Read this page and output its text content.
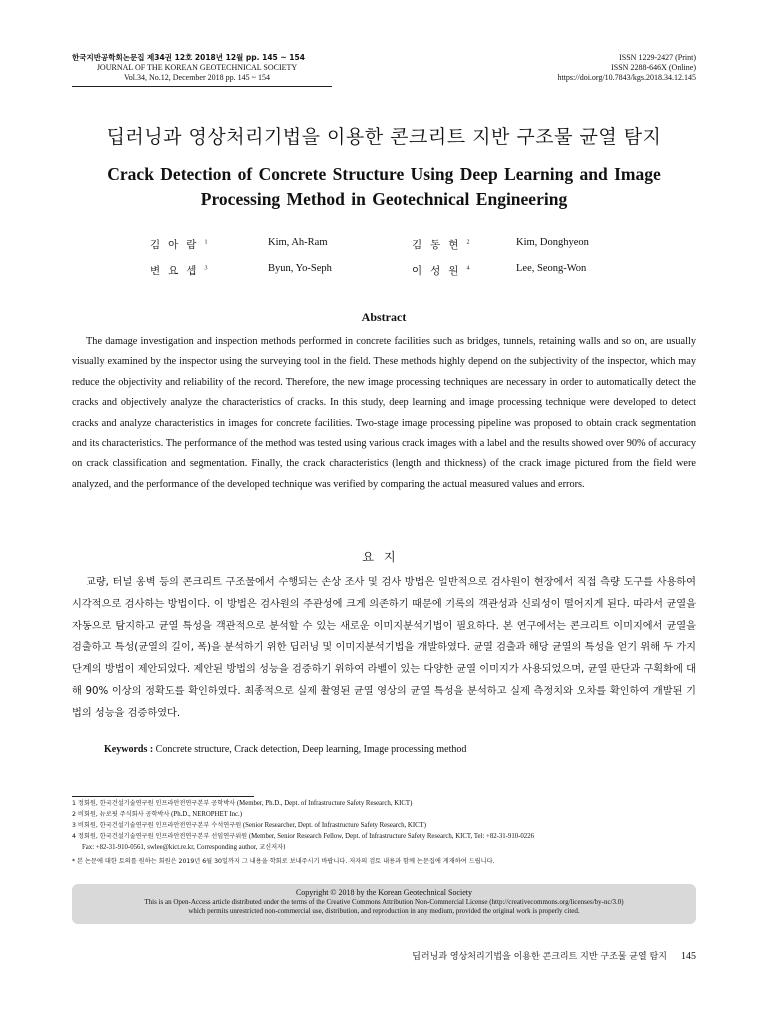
한국지반공학회논문집 제34권 12호 2018년 12월 pp. 145 ~ 154
JOURNAL OF THE KOREAN GEOTECHNICAL SOCIETY
Vol.34, No.12, December 2018 pp. 145 ~ 154
ISSN 1229-2427 (Print)
ISSN 2288-646X (Online)
https://doi.org/10.7843/kgs.2018.34.12.145
딥러닝과 영상처리기법을 이용한 콘크리트 지반 구조물 균열 탐지
Crack Detection of Concrete Structure Using Deep Learning and Image Processing Method in Geotechnical Engineering
김아람$^1$	Kim, Ah-Ram	김동현$^2$	Kim, Donghyeon
변요셉$^3$	Byun, Yo-Seph	이성원$^4$	Lee, Seong-Won
Abstract
The damage investigation and inspection methods performed in concrete facilities such as bridges, tunnels, retaining walls and so on, are usually visually examined by the inspector using the surveying tool in the field. These methods highly depend on the subjectivity of the inspector, which may reduce the objectivity and reliability of the record. Therefore, the new image processing techniques are necessary in order to automatically detect the cracks and objectively analyze the characteristics of cracks. In this study, deep learning and image processing technique were developed to detect cracks and analyze characteristics in images for concrete facilities. Two-stage image processing pipeline was proposed to obtain crack segmentation and its characteristics. The performance of the method was tested using various crack images with a label and the results showed over 90% of accuracy on crack classification and segmentation. Finally, the crack characteristics (length and thickness) of the crack image pictured from the field were analyzed, and the performance of the developed technique was verified by comparing the actual measured values and errors.
요지
교량, 터널 옹벽 등의 콘크리트 구조물에서 수행되는 손상 조사 및 검사 방법은 일반적으로 검사원이 현장에서 직접 측량 도구를 사용하여 시각적으로 검사하는 방법이다. 이 방법은 검사원의 주관성에 크게 의존하기 때문에 기록의 객관성과 신뢰성이 떨어지게 된다. 따라서 균열을 자동으로 탐지하고 균열 특성을 객관적으로 분석할 수 있는 새로운 이미지분석기법이 필요하다. 본 연구에서는 콘크리트 이미지에서 균열을 검출하고 특성(균열의 길이, 폭)을 분석하기 위한 딥러닝 및 이미지분석기법을 개발하였다. 균열 검출과 해당 균열의 특성을 얻기 위해 두 가지 단계의 방법이 제안되었다. 제안된 방법의 성능을 검증하기 위하여 라벨이 있는 다양한 균열 이미지가 사용되었으며, 균열 판단과 구획화에 대해 90% 이상의 정확도를 확인하였다. 최종적으로 실제 촬영된 균열 영상의 균열 특성을 분석하고 실제 측정치와 오차를 확인하여 개발된 기법의 성능을 검증하였다.
Keywords : Concrete structure, Crack detection, Deep learning, Image processing method
1 정회원, 한국건설기술연구원 인프라안전연구본부 공학박사 (Member, Ph.D., Dept. of Infrastructure Safety Research, KICT)
2 비회원, 뉴로핏 주식회사 공학박사 (Ph.D., NEROPHET Inc.)
3 비회원, 한국건설기술연구원 인프라안전연구본부 수석연구원 (Senior Researcher, Dept. of Infrastructure Safety Research, KICT)
4 정회원, 한국건설기술연구원 인프라안전연구본부 선임연구위원 (Member, Senior Research Fellow, Dept. of Infrastructure Safety Research, KICT, Tel: +82-31-910-0226
Fax: +82-31-910-0561, swlee@kict.re.kr, Corresponding author, 교신저자)
* 본 논문에 대한 토의를 원하는 회원은 2019년 6월 30일까지 그 내용을 학회로 보내주시기 바랍니다. 저자의 검토 내용과 함께 논문집에 게재하여 드립니다.
Copyright © 2018 by the Korean Geotechnical Society
This is an Open-Access article distributed under the terms of the Creative Commons Attribution Non-Commercial License (http://creativecommons.org/licenses/by-nc/3.0)
which permits unrestricted non-commercial use, distribution, and reproduction in any medium, provided the original work is properly cited.
딥러닝과 영상처리기법을 이용한 콘크리트 지반 구조물 균열 탐지 145
